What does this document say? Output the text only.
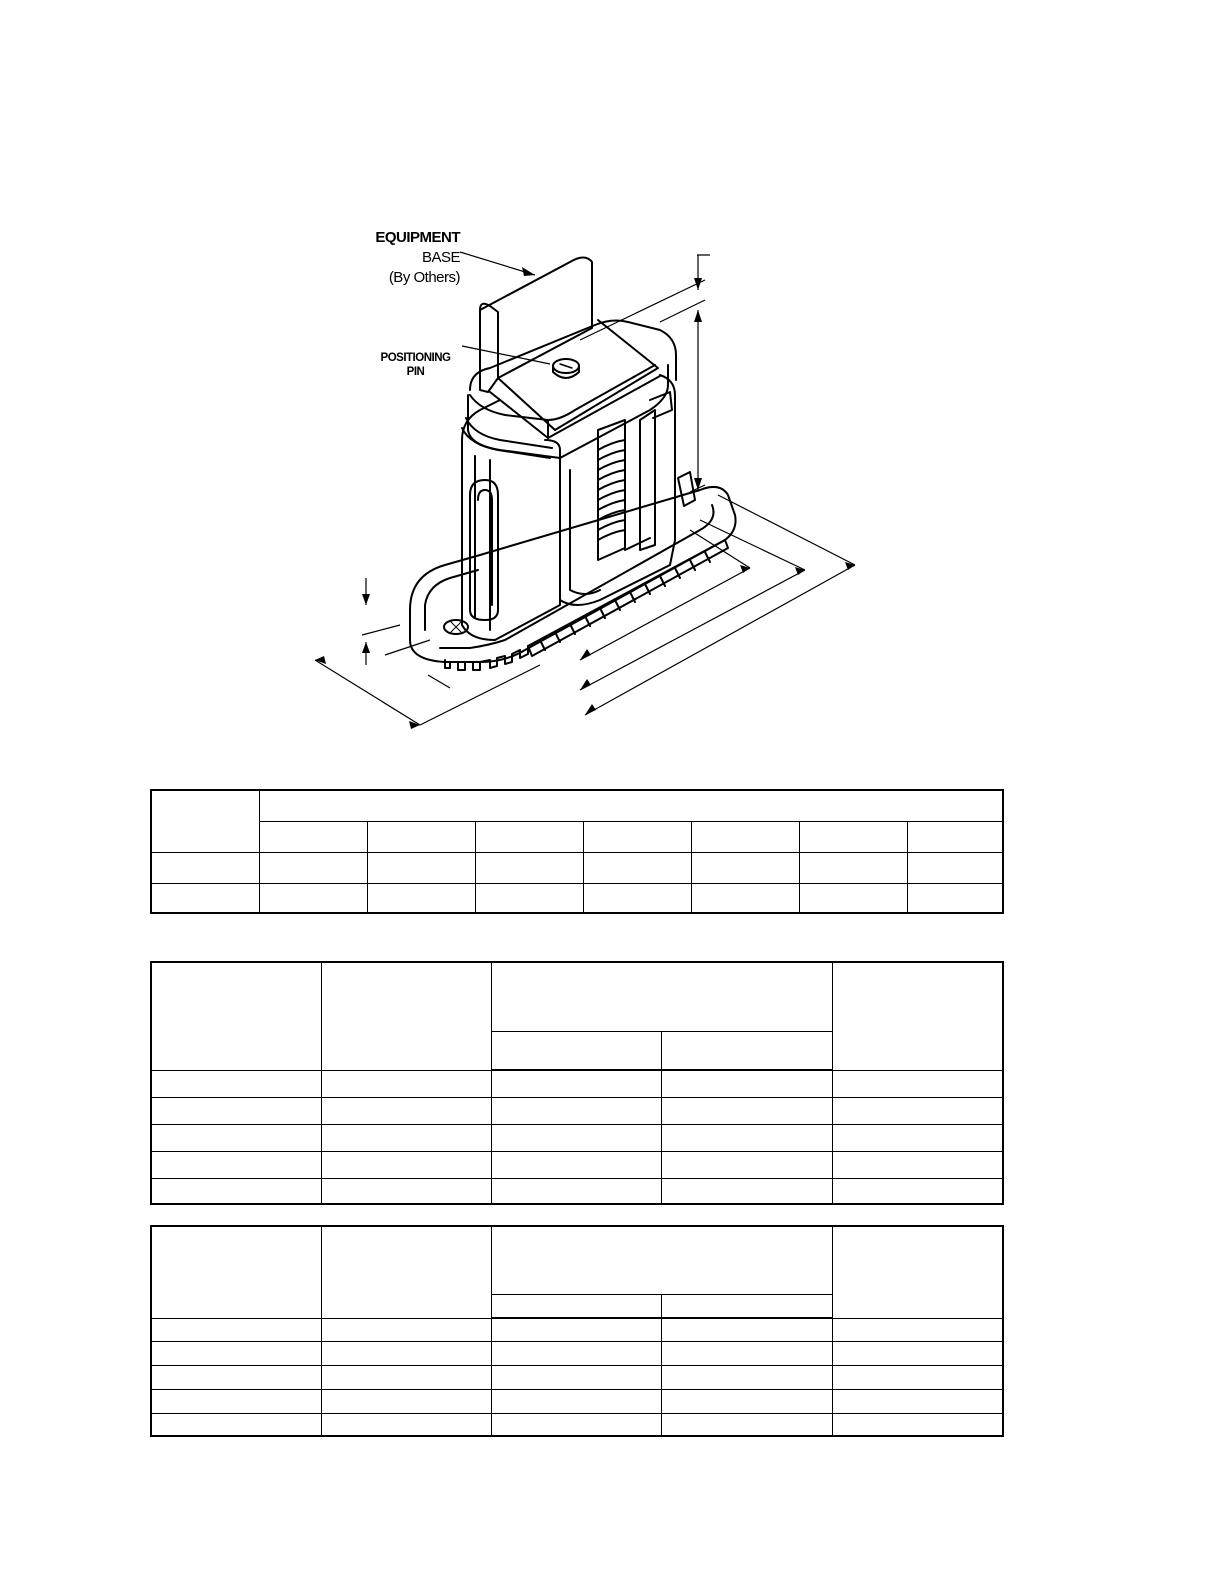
EQUIPMENT
BASE
(By Others)
POSITIONING
PIN
